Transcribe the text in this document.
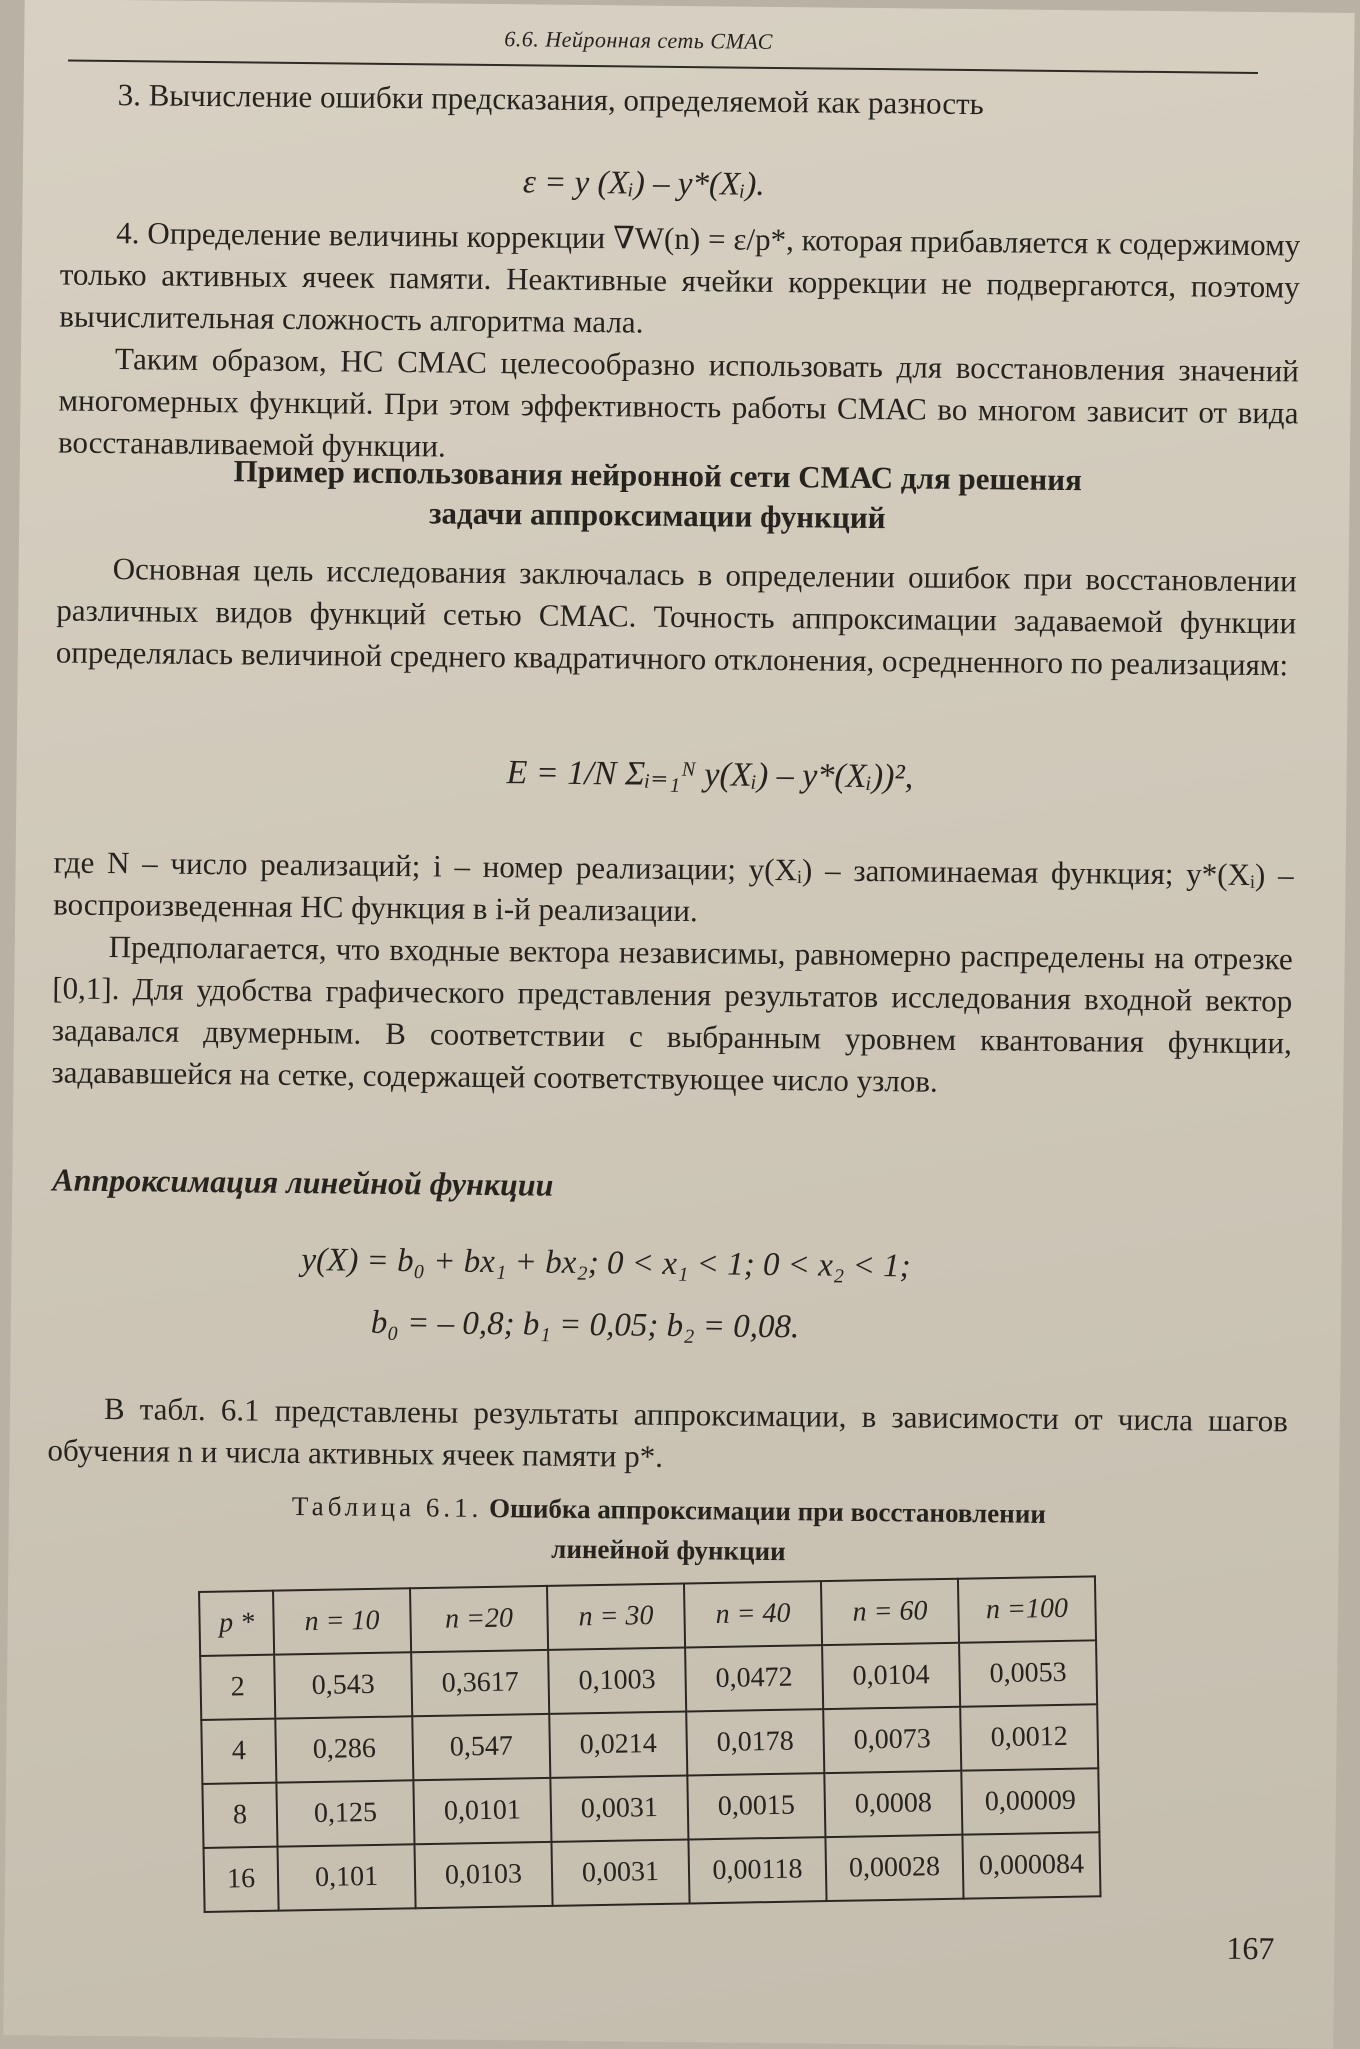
6.6. Нейронная сеть СМАС

3. Вычисление ошибки предсказания, определяемой как разность

ε = y (Xᵢ) – y*(Xᵢ).

4. Определение величины коррекции ∇W(n) = ε/p*, которая прибавляется к содержимому только активных ячеек памяти. Неактивные ячейки коррекции не подвергаются, поэтому вычислительная сложность алгоритма мала.

Таким образом, НС СМАС целесообразно использовать для восстановления значений многомерных функций. При этом эффективность работы СМАС во многом зависит от вида восстанавливаемой функции.

Пример использования нейронной сети СМАС для решения
задачи аппроксимации функций

Основная цель исследования заключалась в определении ошибок при восстановлении различных видов функций сетью СМАС. Точность аппроксимации задаваемой функции определялась величиной среднего квадратичного отклонения, осредненного по реализациям:

E = 1/N Σᵢ₌₁ᴺ y(Xᵢ) – y*(Xᵢ))²,

где N – число реализаций; i – номер реализации; y(Xᵢ) – запоминаемая функция; y*(Xᵢ) – воспроизведенная НС функция в i-й реализации.

Предполагается, что входные вектора независимы, равномерно распределены на отрезке [0,1]. Для удобства графического представления результатов исследования входной вектор задавался двумерным. В соответствии с выбранным уровнем квантования функции, задававшейся на сетке, содержащей соответствующее число узлов.

Аппроксимация линейной функции
y(X) = b₀ + bx₁ + bx₂; 0 < x₁ < 1; 0 < x₂ < 1;
b₀ = – 0,8; b₁ = 0,05; b₂ = 0,08.

В табл. 6.1 представлены результаты аппроксимации, в зависимости от числа шагов обучения n и числа активных ячеек памяти p*.

Таблица 6.1. Ошибка аппроксимации при восстановлении
линейной функции
p *	n = 10	n =20	n = 30	n = 40	n = 60	n =100
2	0,543	0,3617	0,1003	0,0472	0,0104	0,0053
4	0,286	0,547	0,0214	0,0178	0,0073	0,0012
8	0,125	0,0101	0,0031	0,0015	0,0008	0,00009
16	0,101	0,0103	0,0031	0,00118	0,00028	0,000084
167
